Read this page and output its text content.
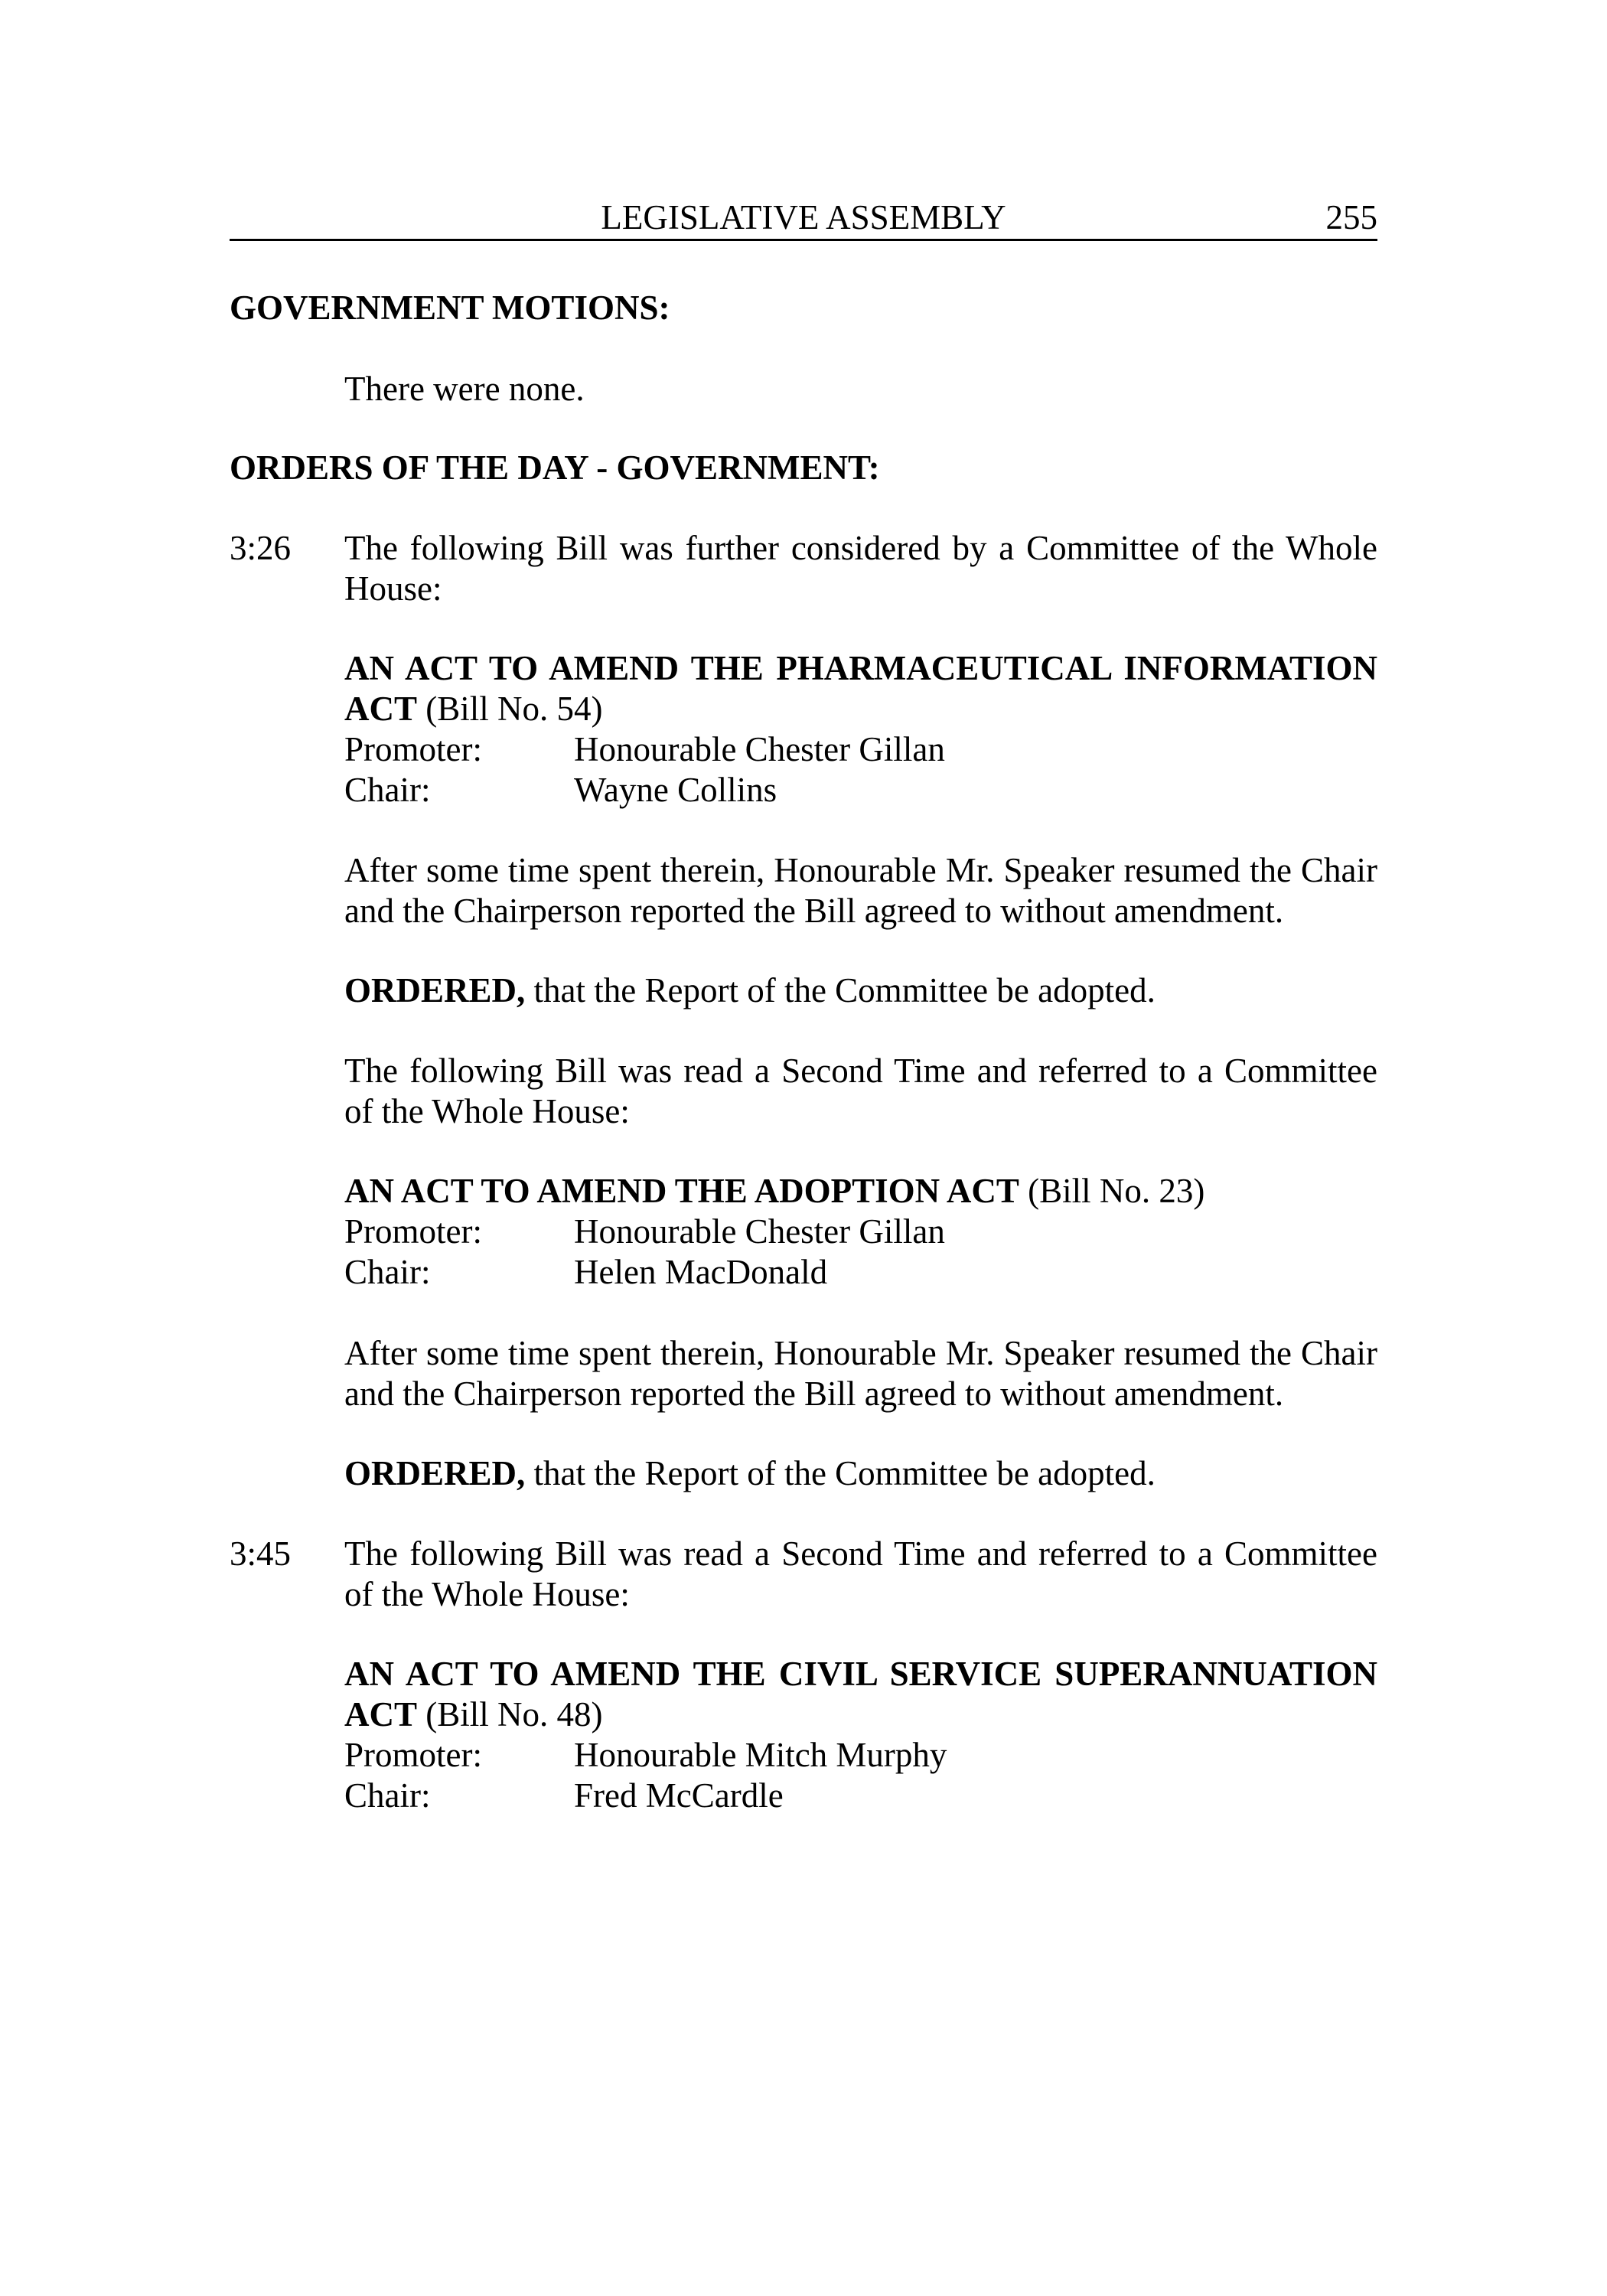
LEGISLATIVE ASSEMBLY	255
GOVERNMENT MOTIONS:
There were none.
ORDERS OF THE DAY - GOVERNMENT:
3:26 The following Bill was further considered by a Committee of the Whole House:
AN ACT TO AMEND THE PHARMACEUTICAL INFORMATION ACT (Bill No. 54)
Promoter:	Honourable Chester Gillan
Chair:	Wayne Collins
After some time spent therein, Honourable Mr. Speaker resumed the Chair and the Chairperson reported the Bill agreed to without amendment.
ORDERED, that the Report of the Committee be adopted.
The following Bill was read a Second Time and referred to a Committee of the Whole House:
AN ACT TO AMEND THE ADOPTION ACT (Bill No. 23)
Promoter:	Honourable Chester Gillan
Chair:	Helen MacDonald
After some time spent therein, Honourable Mr. Speaker resumed the Chair and the Chairperson reported the Bill agreed to without amendment.
ORDERED, that the Report of the Committee be adopted.
3:45 The following Bill was read a Second Time and referred to a Committee of the Whole House:
AN ACT TO AMEND THE CIVIL SERVICE SUPERANNUATION ACT (Bill No. 48)
Promoter:	Honourable Mitch Murphy
Chair:	Fred McCardle
